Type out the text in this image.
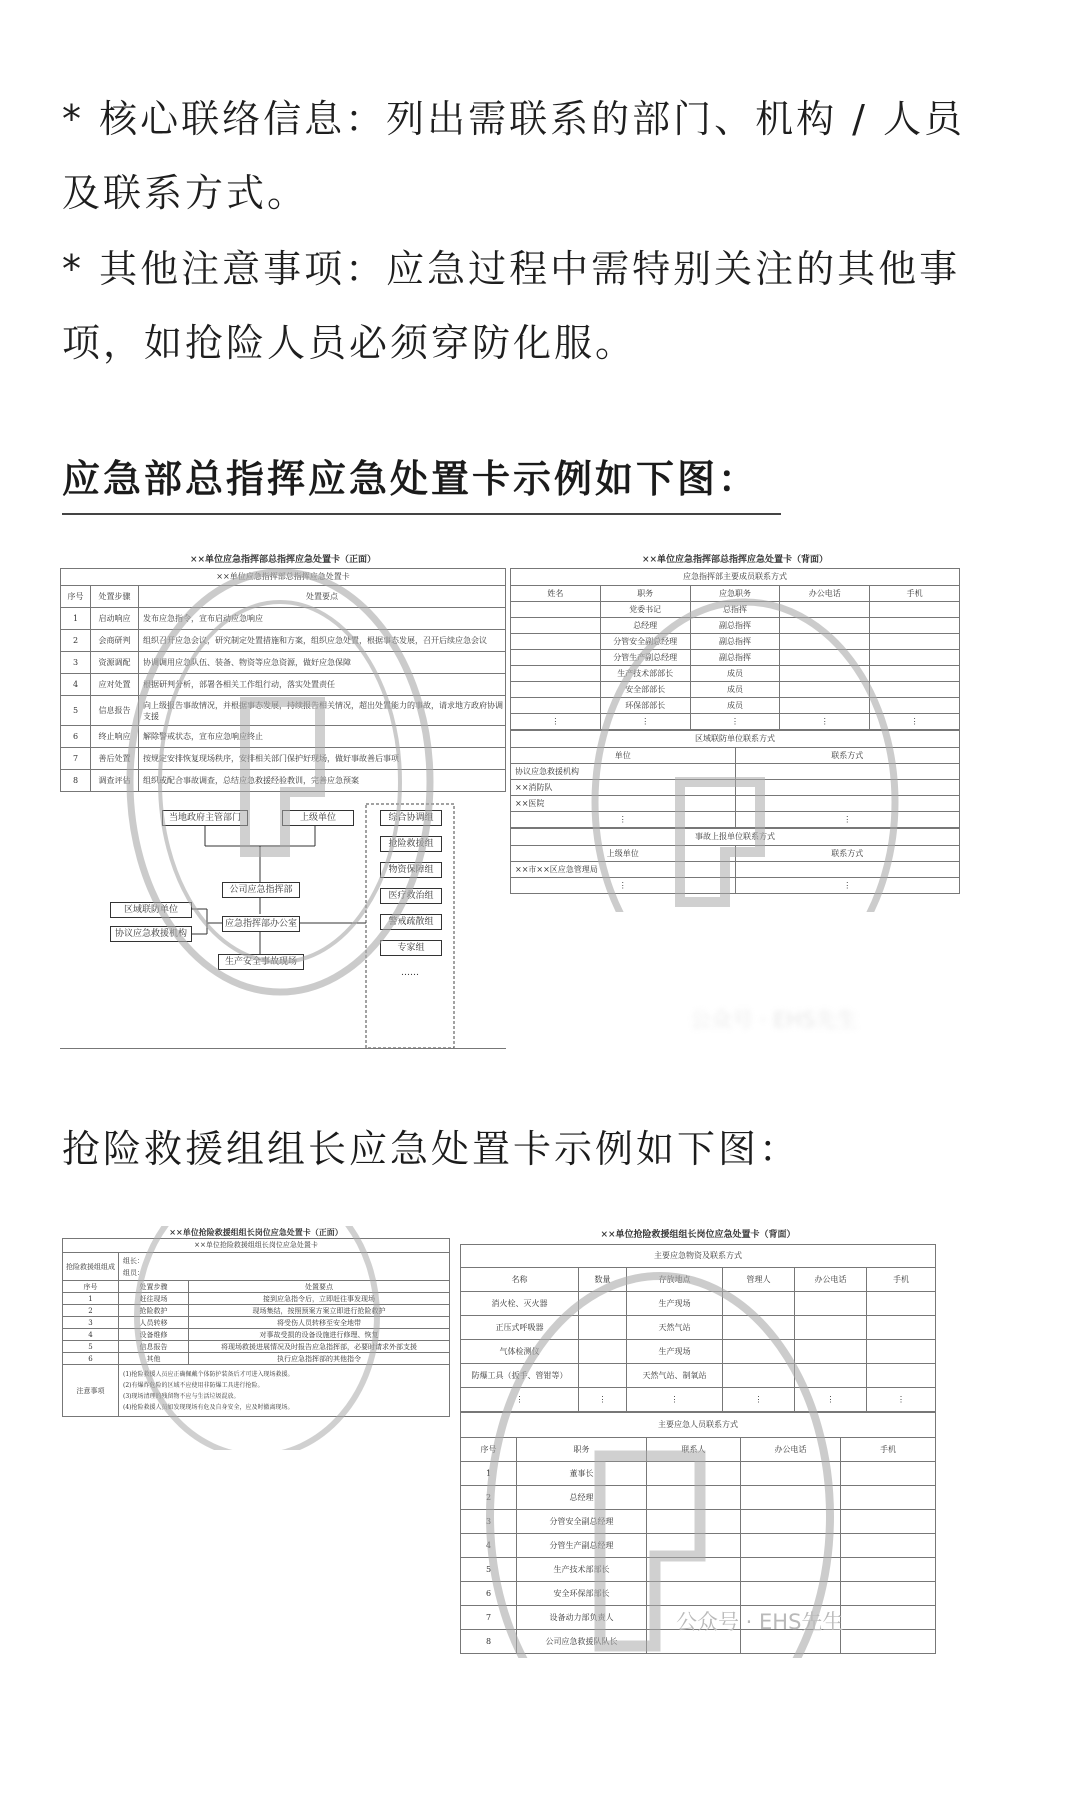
* 核心联络信息：列出需联系的部门、机构 / 人员
及联系方式。
* 其他注意事项：应急过程中需特别关注的其他事
项，如抢险人员必须穿防化服。
应急部总指挥应急处置卡示例如下图：
××单位应急指挥部总指挥应急处置卡（正面）
××单位应急指挥部总指挥应急处置卡
序号	处置步骤	处置要点
1	启动响应	发布应急指令，宣布启动应急响应
2	会商研判	组织召开应急会议，研究制定处置措施和方案，组织应急处置，根据事态发展，召开后续应急会议
3	资源调配	协调调用应急队伍、装备、物资等应急资源，做好应急保障
4	应对处置	根据研判分析，部署各相关工作组行动，落实处置责任
5	信息报告	向上级报告事故情况，并根据事态发展，持续报告相关情况，超出处置能力的事故，请求地方政府协调支援
6	终止响应	解除警戒状态，宣布应急响应终止
7	善后处置	按规定安排恢复现场秩序，安排相关部门保护好现场，做好事故善后事项
8	调查评估	组织或配合事故调查，总结应急救援经验教训，完善应急预案
当地政府主管部门	上级单位
公司应急指挥部
应急指挥部办公室
区域联防单位
协议应急救援机构
生产安全事故现场
综合协调组
抢险救援组
物资保障组
医疗救治组
警戒疏散组
专家组
……
××单位应急指挥部总指挥应急处置卡（背面）
应急指挥部主要成员联系方式
姓名	职务	应急职务	办公电话	手机
	党委书记	总指挥		
	总经理	副总指挥		
	分管安全副总经理	副总指挥		
	分管生产副总经理	副总指挥		
	生产技术部部长	成员		
	安全部部长	成员		
	环保部部长	成员		
⋮	⋮	⋮	⋮	⋮
区域联防单位联系方式
单位	联系方式
协议应急救援机构	
××消防队	
××医院	
⋮	⋮
事故上报单位联系方式
上级单位	联系方式
××市××区应急管理局	
⋮	⋮
公众号 · EHS先生
抢险救援组组长应急处置卡示例如下图：
××单位抢险救援组组长岗位应急处置卡（正面）
××单位抢险救援组组长岗位应急处置卡
抢险救援组组成	组长：
组员：	

序号	处置步骤	处置要点
1	赶往现场	接到应急指令后，立即赶往事发现场
2	抢险救护	现场集结，按照预案方案立即进行抢险救护
3	人员转移	将受伤人员转移至安全地带
4	设备维修	对事故受损的设备设施进行修理、恢复
5	信息报告	将现场救援进展情况及时报告应急指挥部，必要时请求外部支援
6	其他	执行应急指挥部的其他指令
注意事项	(1)抢险救援人员应正确佩戴个体防护装备后才可进入现场救援。
(2)有爆炸危险的区域不应使用非防爆工具进行抢险。
(3)现场清理的残留物不应与生活垃圾混放。
(4)抢险救援人员如发现现场有危及自身安全，应及时撤离现场。	
××单位抢险救援组组长岗位应急处置卡（背面）
主要应急物资及联系方式
名称	数量	存放地点	管理人	办公电话	手机
消火栓、灭火器		生产现场			
正压式呼吸器		天然气站			
气体检测仪		生产现场			
防爆工具（扳手、管钳等）		天然气站、制氧站			
⋮	⋮	⋮	⋮	⋮	⋮
主要应急人员联系方式
序号	职务	联系人	办公电话	手机
1	董事长			
2	总经理			
3	分管安全副总经理			
4	分管生产副总经理			
5	生产技术部部长			
6	安全环保部部长			
7	设备动力部负责人			
8	公司应急救援队队长			
公众号 · EHS先生
